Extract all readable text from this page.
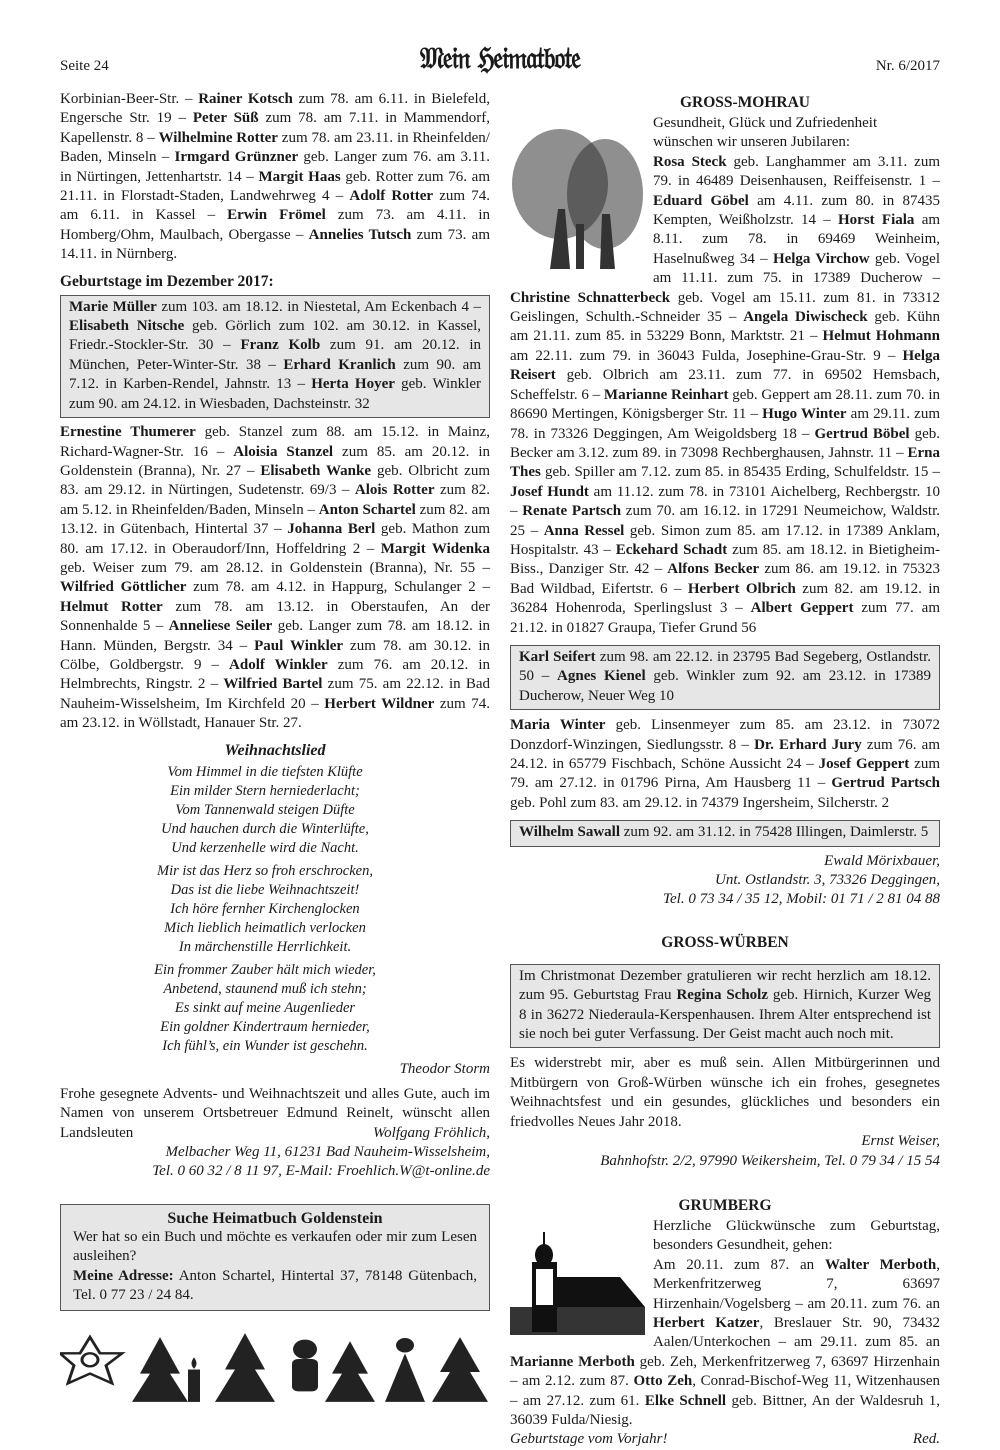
Seite 24	𝔐𝔢𝔦𝔫 ℌ𝔢𝔦𝔪𝔞𝔱𝔟𝔬𝔱𝔢	Nr. 6/2017

Korbinian-Beer-Str. – Rainer Kotsch zum 78. am 6.11. in Bielefeld, Engersche Str. 19 – Peter Süß zum 78. am 7.11. in Mammendorf, Kapellenstr. 8 – Wilhelmine Rotter zum 78. am 23.11. in Rheinfelden/ Baden, Minseln – Irmgard Grünzner geb. Langer zum 76. am 3.11. in Nürtingen, Jettenhartstr. 14 – Margit Haas geb. Rotter zum 76. am 21.11. in Florstadt-Staden, Landwehrweg 4 – Adolf Rotter zum 74. am 6.11. in Kassel – Erwin Frömel zum 73. am 4.11. in Homberg/Ohm, Maulbach, Obergasse – Annelies Tutsch zum 73. am 14.11. in Nürnberg.

Geburtstage im Dezember 2017:

Marie Müller zum 103. am 18.12. in Niestetal, Am Eckenbach 4 – Elisabeth Nitsche geb. Görlich zum 102. am 30.12. in Kassel, Friedr.-Stockler-Str. 30 – Franz Kolb zum 91. am 20.12. in München, Peter-Winter-Str. 38 – Erhard Kranlich zum 90. am 7.12. in Karben-Rendel, Jahnstr. 13 – Herta Hoyer geb. Winkler zum 90. am 24.12. in Wiesbaden, Dachsteinstr. 32

Ernestine Thumerer geb. Stanzel zum 88. am 15.12. in Mainz, Richard-Wagner-Str. 16 – Aloisia Stanzel zum 85. am 20.12. in Goldenstein (Branna), Nr. 27 – Elisabeth Wanke geb. Olbricht zum 83. am 29.12. in Nürtingen, Sudetenstr. 69/3 – Alois Rotter zum 82. am 5.12. in Rheinfelden/Baden, Minseln – Anton Schartel zum 82. am 13.12. in Gütenbach, Hintertal 37 – Johanna Berl geb. Mathon zum 80. am 17.12. in Oberaudorf/Inn, Hoffeldring 2 – Margit Widenka geb. Weiser zum 79. am 28.12. in Goldenstein (Branna), Nr. 55 – Wilfried Göttlicher zum 78. am 4.12. in Happurg, Schulanger 2 – Helmut Rotter zum 78. am 13.12. in Oberstaufen, An der Sonnenhalde 5 – Anneliese Seiler geb. Langer zum 78. am 18.12. in Hann. Münden, Bergstr. 34 – Paul Winkler zum 78. am 30.12. in Cölbe, Goldbergstr. 9 – Adolf Winkler zum 76. am 20.12. in Helmbrechts, Ringstr. 2 – Wilfried Bartel zum 75. am 22.12. in Bad Nauheim-Wisselsheim, Im Kirchfeld 20 – Herbert Wildner zum 74. am 23.12. in Wöllstadt, Hanauer Str. 27.

Weihnachtslied
Vom Himmel in die tiefsten Klüfte
Ein milder Stern herniederlacht;
Vom Tannenwald steigen Düfte
Und hauchen durch die Winterlüfte,
Und kerzenhelle wird die Nacht.
Mir ist das Herz so froh erschrocken,
Das ist die liebe Weihnachtszeit!
Ich höre fernher Kirchenglocken
Mich lieblich heimatlich verlocken
In märchenstille Herrlichkeit.
Ein frommer Zauber hält mich wieder,
Anbetend, staunend muß ich stehn;
Es sinkt auf meine Augenlieder
Ein goldner Kindertraum hernieder,
Ich fühl’s, ein Wunder ist geschehn.
Theodor Storm

Frohe gesegnete Advents- und Weihnachtszeit und alles Gute, auch im Namen von unserem Ortsbetreuer Edmund Reinelt, wünscht allen Landsleuten	Wolfgang Fröhlich,

Melbacher Weg 11, 61231 Bad Nauheim-Wisselsheim,
Tel. 0 60 32 / 8 11 97, E-Mail: Froehlich.W@t-online.de
Suche Heimatbuch Goldenstein

Wer hat so ein Buch und möchte es verkaufen oder mir zum Lesen ausleihen?

Meine Adresse: Anton Schartel, Hintertal 37, 78148 Gütenbach, Tel. 0 77 23 / 24 84.

GROSS-MOHRAU

Gesundheit, Glück und Zufriedenheit wünschen wir unseren Jubilaren:

Rosa Steck geb. Langhammer am 3.11. zum 79. in 46489 Deisenhausen, Reiffeisenstr. 1 – Eduard Göbel am 4.11. zum 80. in 87435 Kempten, Weißholzstr. 14 – Horst Fiala am 8.11. zum 78. in 69469 Weinheim, Haselnußweg 34 – Helga Virchow geb. Vogel am 11.11. zum 75. in 17389 Ducherow – Christine Schnatterbeck geb. Vogel am 15.11. zum 81. in 73312 Geislingen, Schulth.-Schneider 35 – Angela Diwischeck geb. Kühn am 21.11. zum 85. in 53229 Bonn, Marktstr. 21 – Helmut Hohmann am 22.11. zum 79. in 36043 Fulda, Josephine-Grau-Str. 9 – Helga Reisert geb. Olbrich am 23.11. zum 77. in 69502 Hemsbach, Scheffelstr. 6 – Marianne Reinhart geb. Geppert am 28.11. zum 70. in 86690 Mertingen, Königsberger Str. 11 – Hugo Winter am 29.11. zum 78. in 73326 Deggingen, Am Weigoldsberg 18 – Gertrud Böbel geb. Becker am 3.12. zum 89. in 73098 Rechberghausen, Jahnstr. 11 – Erna Thes geb. Spiller am 7.12. zum 85. in 85435 Erding, Schulfeldstr. 15 – Josef Hundt am 11.12. zum 78. in 73101 Aichelberg, Rechbergstr. 10 – Renate Partsch zum 70. am 16.12. in 17291 Neumeichow, Waldstr. 25 – Anna Ressel geb. Simon zum 85. am 17.12. in 17389 Anklam, Hospitalstr. 43 – Eckehard Schadt zum 85. am 18.12. in Bietigheim-Biss., Danziger Str. 42 – Alfons Becker zum 86. am 19.12. in 75323 Bad Wildbad, Eifertstr. 6 – Herbert Olbrich zum 82. am 19.12. in 36284 Hohenroda, Sperlingslust 3 – Albert Geppert zum 77. am 21.12. in 01827 Graupa, Tiefer Grund 56

Karl Seifert zum 98. am 22.12. in 23795 Bad Segeberg, Ostlandstr. 50 – Agnes Kienel geb. Winkler zum 92. am 23.12. in 17389 Ducherow, Neuer Weg 10

Maria Winter geb. Linsenmeyer zum 85. am 23.12. in 73072 Donzdorf-Winzingen, Siedlungsstr. 8 – Dr. Erhard Jury zum 76. am 24.12. in 65779 Fischbach, Schöne Aussicht 24 – Josef Geppert zum 79. am 27.12. in 01796 Pirna, Am Hausberg 11 – Gertrud Partsch geb. Pohl zum 83. am 29.12. in 74379 Ingersheim, Silcherstr. 2

Wilhelm Sawall zum 92. am 31.12. in 75428 Illingen, Daimlerstr. 5

Ewald Mörixbauer,
Unt. Ostlandstr. 3, 73326 Deggingen,
Tel. 0 73 34 / 35 12, Mobil: 01 71 / 2 81 04 88
GROSS-WÜRBEN

Im Christmonat Dezember gratulieren wir recht herzlich am 18.12. zum 95. Geburtstag Frau Regina Scholz geb. Hirnich, Kurzer Weg 8 in 36272 Niederaula-Kerspenhausen. Ihrem Alter entsprechend ist sie noch bei guter Verfassung. Der Geist macht auch noch mit.

Es widerstrebt mir, aber es muß sein. Allen Mitbürgerinnen und Mitbürgern von Groß-Würben wünsche ich ein frohes, gesegnetes Weihnachtsfest und ein gesundes, glückliches und besonders ein friedvolles Neues Jahr 2018.

Ernst Weiser,
Bahnhofstr. 2/2, 97990 Weikersheim, Tel. 0 79 34 / 15 54
GRUMBERG

Herzliche Glückwünsche zum Geburtstag, besonders Gesundheit, gehen:
Am 20.11. zum 87. an Walter Merboth, Merkenfritzerweg 7, 63697 Hirzenhain/Vogelsberg – am 20.11. zum 76. an Herbert Katzer, Breslauer Str. 90, 73432 Aalen/Unterkochen – am 29.11. zum 85. an Marianne Merboth geb. Zeh, Merkenfritzerweg 7, 63697 Hirzenhain – am 2.12. zum 87. Otto Zeh, Conrad-Bischof-Weg 11, Witzenhausen – am 27.12. zum 61. Elke Schnell geb. Bittner, An der Waldesruh 1, 36039 Fulda/Niesig.

Geburtstage vom Vorjahr!	Red.
